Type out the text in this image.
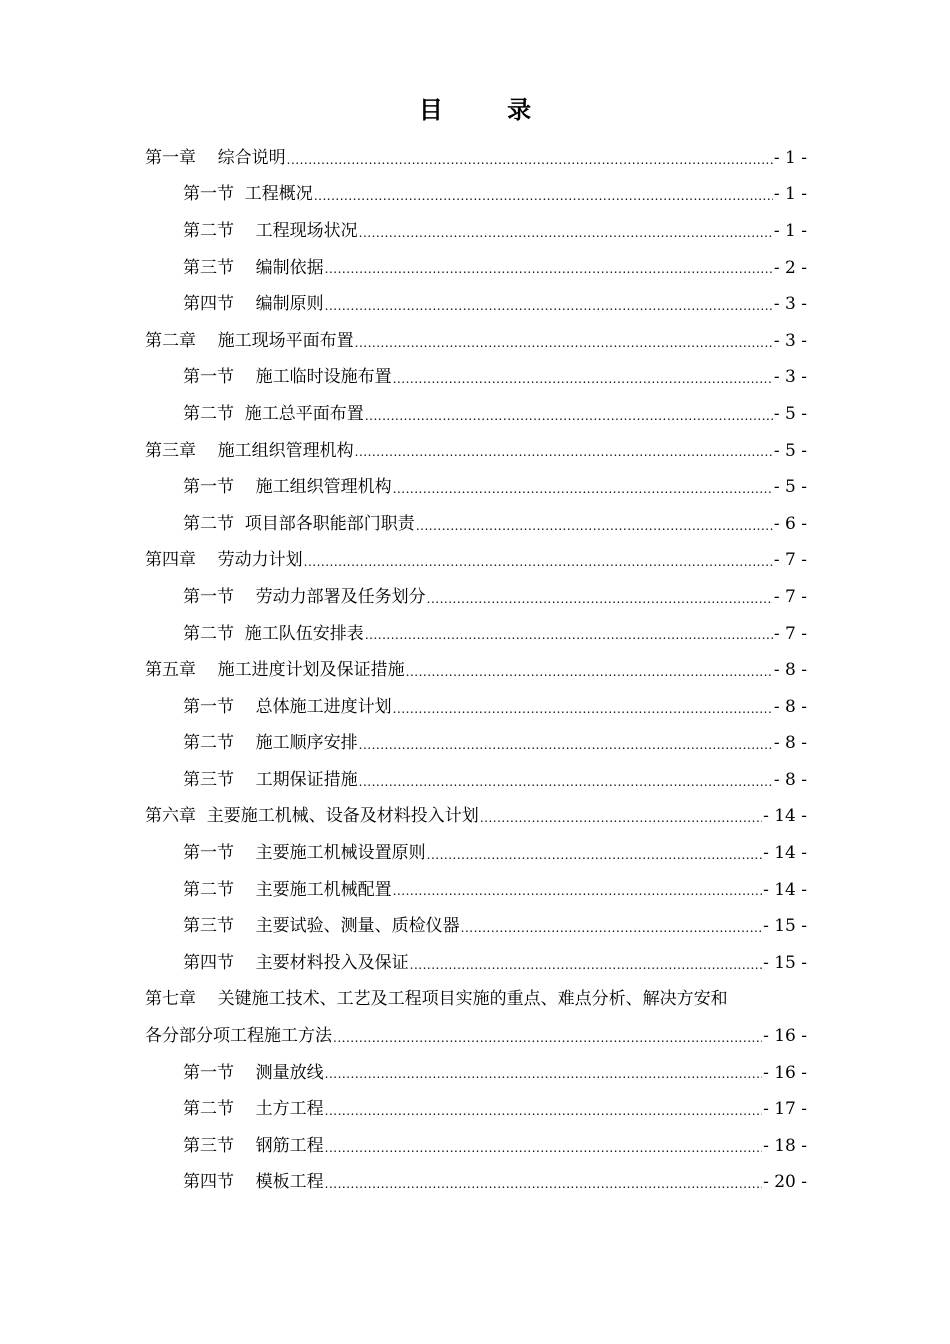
目 录
第一章    综合说明 .....	- 1 -
第一节  工程概况 .....	- 1 -
第二节    工程现场状况 .....	- 1 -
第三节    编制依据 .....	- 2 -
第四节    编制原则 .....	- 3 -
第二章    施工现场平面布置 .....	- 3 -
第一节    施工临时设施布置 .....	- 3 -
第二节  施工总平面布置 .....	- 5 -
第三章    施工组织管理机构 .....	- 5 -
第一节    施工组织管理机构 .....	- 5 -
第二节  项目部各职能部门职责 .....	- 6 -
第四章    劳动力计划 .....	- 7 -
第一节    劳动力部署及任务划分 .....	- 7 -
第二节  施工队伍安排表 .....	- 7 -
第五章    施工进度计划及保证措施 .....	- 8 -
第一节    总体施工进度计划 .....	- 8 -
第二节    施工顺序安排 .....	- 8 -
第三节    工期保证措施 .....	- 8 -
第六章  主要施工机械、设备及材料投入计划 .....	- 14 -
第一节    主要施工机械设置原则 .....	- 14 -
第二节    主要施工机械配置 .....	- 14 -
第三节    主要试验、测量、质检仪器 .....	- 15 -
第四节    主要材料投入及保证 .....	- 15 -
第七章    关键施工技术、工艺及工程项目实施的重点、难点分析、解决方安和
各分部分项工程施工方法 .....	- 16 -
第一节    测量放线 .....	- 16 -
第二节    土方工程 .....	- 17 -
第三节    钢筋工程 .....	- 18 -
第四节    模板工程 .....	- 20 -
